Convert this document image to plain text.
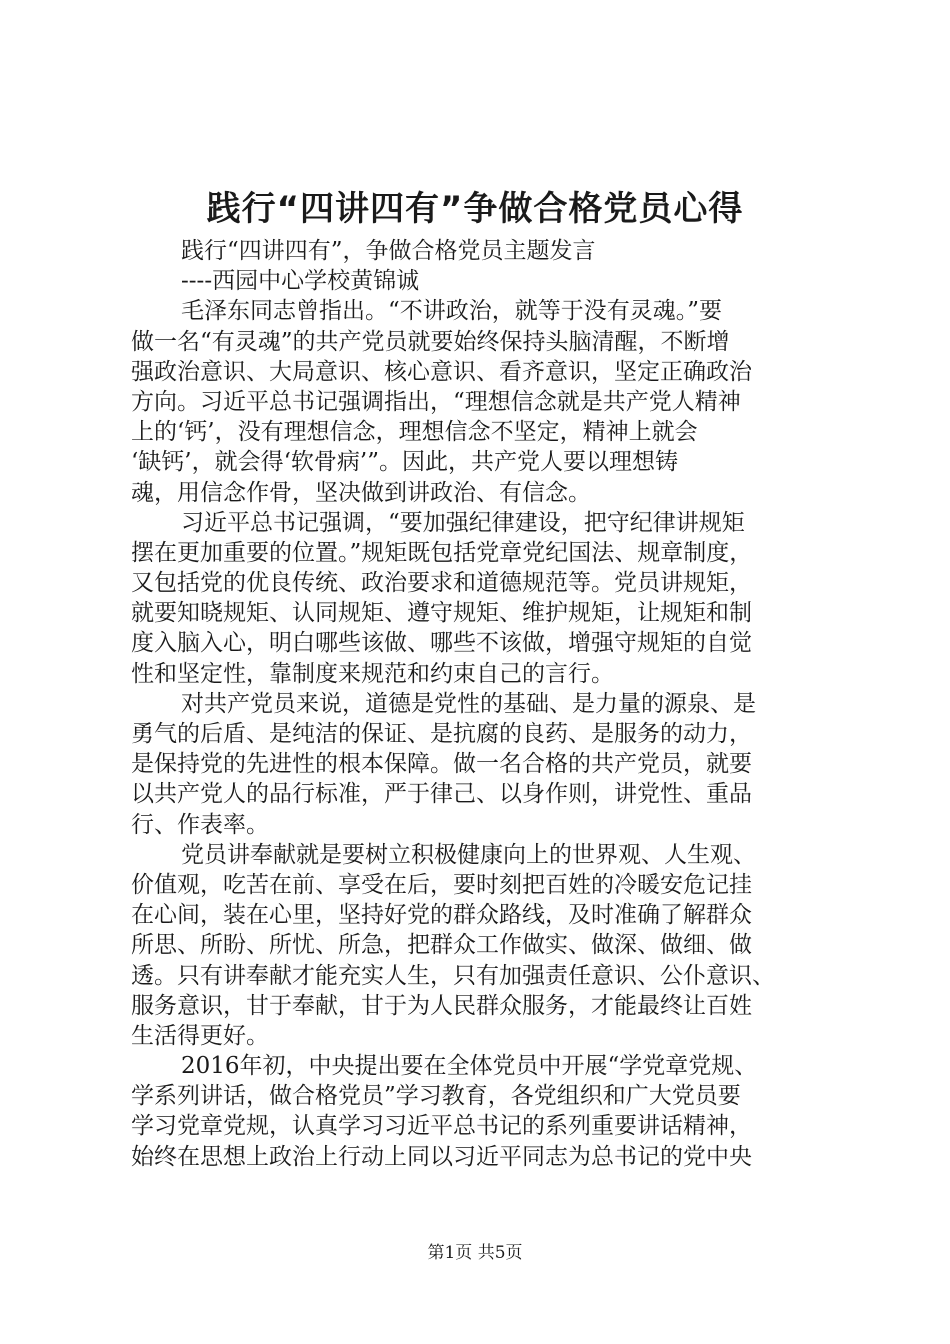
践行“四讲四有”争做合格党员心得
践行“四讲四有”，争做合格党员主题发言
----西园中心学校黄锦诚
毛泽东同志曾指出。“不讲政治，就等于没有灵魂。”要
做一名“有灵魂”的共产党员就要始终保持头脑清醒，不断增
强政治意识、大局意识、核心意识、看齐意识，坚定正确政治
方向。习近平总书记强调指出，“理想信念就是共产党人精神
上的‘钙’，没有理想信念，理想信念不坚定，精神上就会
‘缺钙’，就会得‘软骨病’”。因此，共产党人要以理想铸
魂，用信念作骨，坚决做到讲政治、有信念。
习近平总书记强调，“要加强纪律建设，把守纪律讲规矩
摆在更加重要的位置。”规矩既包括党章党纪国法、规章制度，
又包括党的优良传统、政治要求和道德规范等。党员讲规矩，
就要知晓规矩、认同规矩、遵守规矩、维护规矩，让规矩和制
度入脑入心，明白哪些该做、哪些不该做，增强守规矩的自觉
性和坚定性，靠制度来规范和约束自己的言行。
对共产党员来说，道德是党性的基础、是力量的源泉、是
勇气的后盾、是纯洁的保证、是抗腐的良药、是服务的动力，
是保持党的先进性的根本保障。做一名合格的共产党员，就要
以共产党人的品行标准，严于律己、以身作则，讲党性、重品
行、作表率。
党员讲奉献就是要树立积极健康向上的世界观、人生观、
价值观，吃苦在前、享受在后，要时刻把百姓的冷暖安危记挂
在心间，装在心里，坚持好党的群众路线，及时准确了解群众
所思、所盼、所忧、所急，把群众工作做实、做深、做细、做
透。只有讲奉献才能充实人生，只有加强责任意识、公仆意识、
服务意识，甘于奉献，甘于为人民群众服务，才能最终让百姓
生活得更好。
2016年初，中央提出要在全体党员中开展“学党章党规、
学系列讲话，做合格党员”学习教育，各党组织和广大党员要
学习党章党规，认真学习习近平总书记的系列重要讲话精神，
始终在思想上政治上行动上同以习近平同志为总书记的党中央
第1页 共5页
